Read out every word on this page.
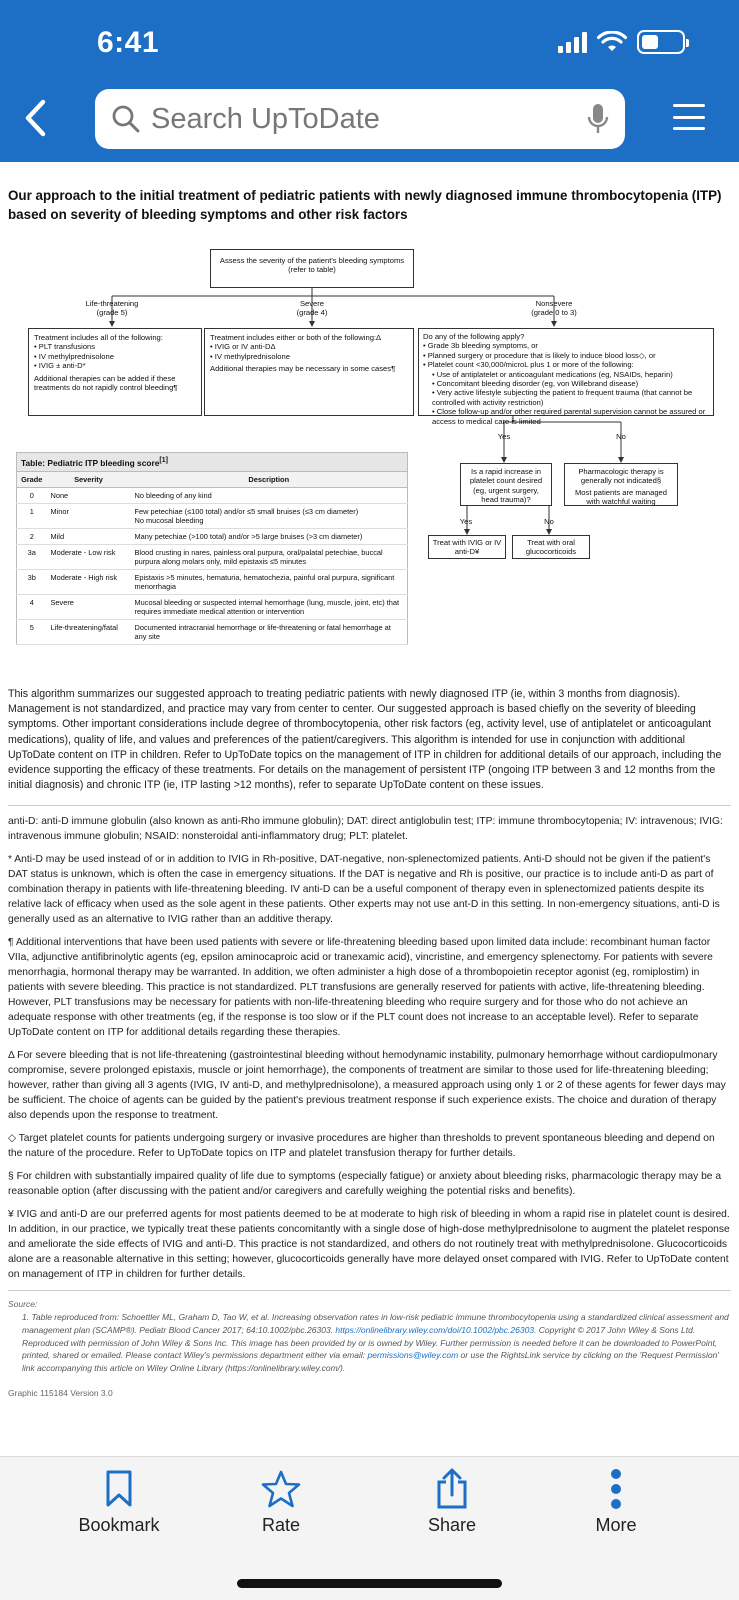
6:41
Search UpToDate
Our approach to the initial treatment of pediatric patients with newly diagnosed immune thrombocytopenia (ITP) based on severity of bleeding symptoms and other risk factors
Assess the severity of the patient's bleeding symptoms (refer to table)
Life-threatening
(grade 5)
Severe
(grade 4)
Nonsevere
(grade 0 to 3)
Treatment includes all of the following:
• PLT transfusions
• IV methylprednisolone
• IVIG ± anti-D*
Additional therapies can be added if these treatments do not rapidly control bleeding¶
Treatment includes either or both of the following:Δ
• IVIG or IV anti-DΔ
• IV methylprednisolone
Additional therapies may be necessary in some cases¶
Do any of the following apply?
• Grade 3b bleeding symptoms, or
• Planned surgery or procedure that is likely to induce blood loss◇, or
• Platelet count <30,000/microL plus 1 or more of the following:
• Use of antiplatelet or anticoagulant medications (eg, NSAIDs, heparin)
• Concomitant bleeding disorder (eg, von Willebrand disease)
• Very active lifestyle subjecting the patient to frequent trauma (that cannot be controlled with activity restriction)
• Close follow-up and/or other required parental supervision cannot be assured or access to medical care is limited
Yes	No
Is a rapid increase in platelet count desired (eg, urgent surgery, head trauma)?
Pharmacologic therapy is generally not indicated§
Most patients are managed with watchful waiting
Yes	No
Treat with IVIG or IV anti-D¥
Treat with oral glucocorticoids
Table: Pediatric ITP bleeding score[1]
Grade	Severity	Description
0	None	No bleeding of any kind
1	Minor	Few petechiae (≤100 total) and/or ≤5 small bruises (≤3 cm diameter)
No mucosal bleeding
2	Mild	Many petechiae (>100 total) and/or >5 large bruises (>3 cm diameter)
3a	Moderate - Low risk	Blood crusting in nares, painless oral purpura, oral/palatal petechiae, buccal purpura along molars only, mild epistaxis ≤5 minutes
3b	Moderate - High risk	Epistaxis >5 minutes, hematuria, hematochezia, painful oral purpura, significant menorrhagia
4	Severe	Mucosal bleeding or suspected internal hemorrhage (lung, muscle, joint, etc) that requires immediate medical attention or intervention
5	Life-threatening/fatal	Documented intracranial hemorrhage or life-threatening or fatal hemorrhage at any site

This algorithm summarizes our suggested approach to treating pediatric patients with newly diagnosed ITP (ie, within 3 months from diagnosis). Management is not standardized, and practice may vary from center to center. Our suggested approach is based chiefly on the severity of bleeding symptoms. Other important considerations include degree of thrombocytopenia, other risk factors (eg, activity level, use of antiplatelet or anticoagulant medications), quality of life, and values and preferences of the patient/caregivers. This algorithm is intended for use in conjunction with additional UpToDate content on ITP in children. Refer to UpToDate topics on the management of ITP in children for additional details of our approach, including the evidence supporting the efficacy of these treatments. For details on the management of persistent ITP (ongoing ITP between 3 and 12 months from the initial diagnosis) and chronic ITP (ie, ITP lasting >12 months), refer to separate UpToDate content on these issues.

anti-D: anti-D immune globulin (also known as anti-Rho immune globulin); DAT: direct antiglobulin test; ITP: immune thrombocytopenia; IV: intravenous; IVIG: intravenous immune globulin; NSAID: nonsteroidal anti-inflammatory drug; PLT: platelet.

* Anti-D may be used instead of or in addition to IVIG in Rh-positive, DAT-negative, non-splenectomized patients. Anti-D should not be given if the patient's DAT status is unknown, which is often the case in emergency situations. If the DAT is negative and Rh is positive, our practice is to include anti-D as part of combination therapy in patients with life-threatening bleeding. IV anti-D can be a useful component of therapy even in splenectomized patients despite its relative lack of efficacy when used as the sole agent in these patients. Other experts may not use ant-D in this setting. In non-emergency situations, anti-D is generally used as an alternative to IVIG rather than an additive therapy.

¶ Additional interventions that have been used patients with severe or life-threatening bleeding based upon limited data include: recombinant human factor VIIa, adjunctive antifibrinolytic agents (eg, epsilon aminocaproic acid or tranexamic acid), vincristine, and emergency splenectomy. For patients with severe menorrhagia, hormonal therapy may be warranted. In addition, we often administer a high dose of a thrombopoietin receptor agonist (eg, romiplostim) in patients with severe bleeding. This practice is not standardized. PLT transfusions are generally reserved for patients with active, life-threatening bleeding. However, PLT transfusions may be necessary for patients with non-life-threatening bleeding who require surgery and for those who do not achieve an adequate response with other treatments (eg, if the response is too slow or if the PLT count does not increase to an acceptable level). Refer to separate UpToDate content on ITP for additional details regarding these therapies.

Δ For severe bleeding that is not life-threatening (gastrointestinal bleeding without hemodynamic instability, pulmonary hemorrhage without cardiopulmonary compromise, severe prolonged epistaxis, muscle or joint hemorrhage), the components of treatment are similar to those used for life-threatening bleeding; however, rather than giving all 3 agents (IVIG, IV anti-D, and methylprednisolone), a measured approach using only 1 or 2 of these agents for fewer days may be sufficient. The choice of agents can be guided by the patient's previous treatment response if such experience exists. The choice and duration of therapy also depends upon the response to treatment.

◇ Target platelet counts for patients undergoing surgery or invasive procedures are higher than thresholds to prevent spontaneous bleeding and depend on the nature of the procedure. Refer to UpToDate topics on ITP and platelet transfusion therapy for further details.

§ For children with substantially impaired quality of life due to symptoms (especially fatigue) or anxiety about bleeding risks, pharmacologic therapy may be a reasonable option (after discussing with the patient and/or caregivers and carefully weighing the potential risks and benefits).

¥ IVIG and anti-D are our preferred agents for most patients deemed to be at moderate to high risk of bleeding in whom a rapid rise in platelet count is desired. In addition, in our practice, we typically treat these patients concomitantly with a single dose of high-dose methylprednisolone to augment the platelet response and ameliorate the side effects of IVIG and anti-D. This practice is not standardized, and others do not routinely treat with methylprednisolone. Glucocorticoids alone are a reasonable alternative in this setting; however, glucocorticoids generally have more delayed onset compared with IVIG. Refer to UpToDate content on management of ITP in children for further details.

Source:
1. Table reproduced from: Schoettler ML, Graham D, Tao W, et al. Increasing observation rates in low-risk pediatric immune thrombocytopenia using a standardized clinical assessment and management plan (SCAMP®). Pediatr Blood Cancer 2017; 64:10.1002/pbc.26303. https://onlinelibrary.wiley.com/doi/10.1002/pbc.26303. Copyright © 2017 John Wiley & Sons Ltd. Reproduced with permission of John Wiley & Sons Inc. This image has been provided by or is owned by Wiley. Further permission is needed before it can be downloaded to PowerPoint, printed, shared or emailed. Please contact Wiley's permissions department either via email: permissions@wiley.com or use the RightsLink service by clicking on the 'Request Permission' link accompanying this article on Wiley Online Library (https://onlinelibrary.wiley.com/).
Graphic 115184 Version 3.0
Bookmark	Rate	Share	More
